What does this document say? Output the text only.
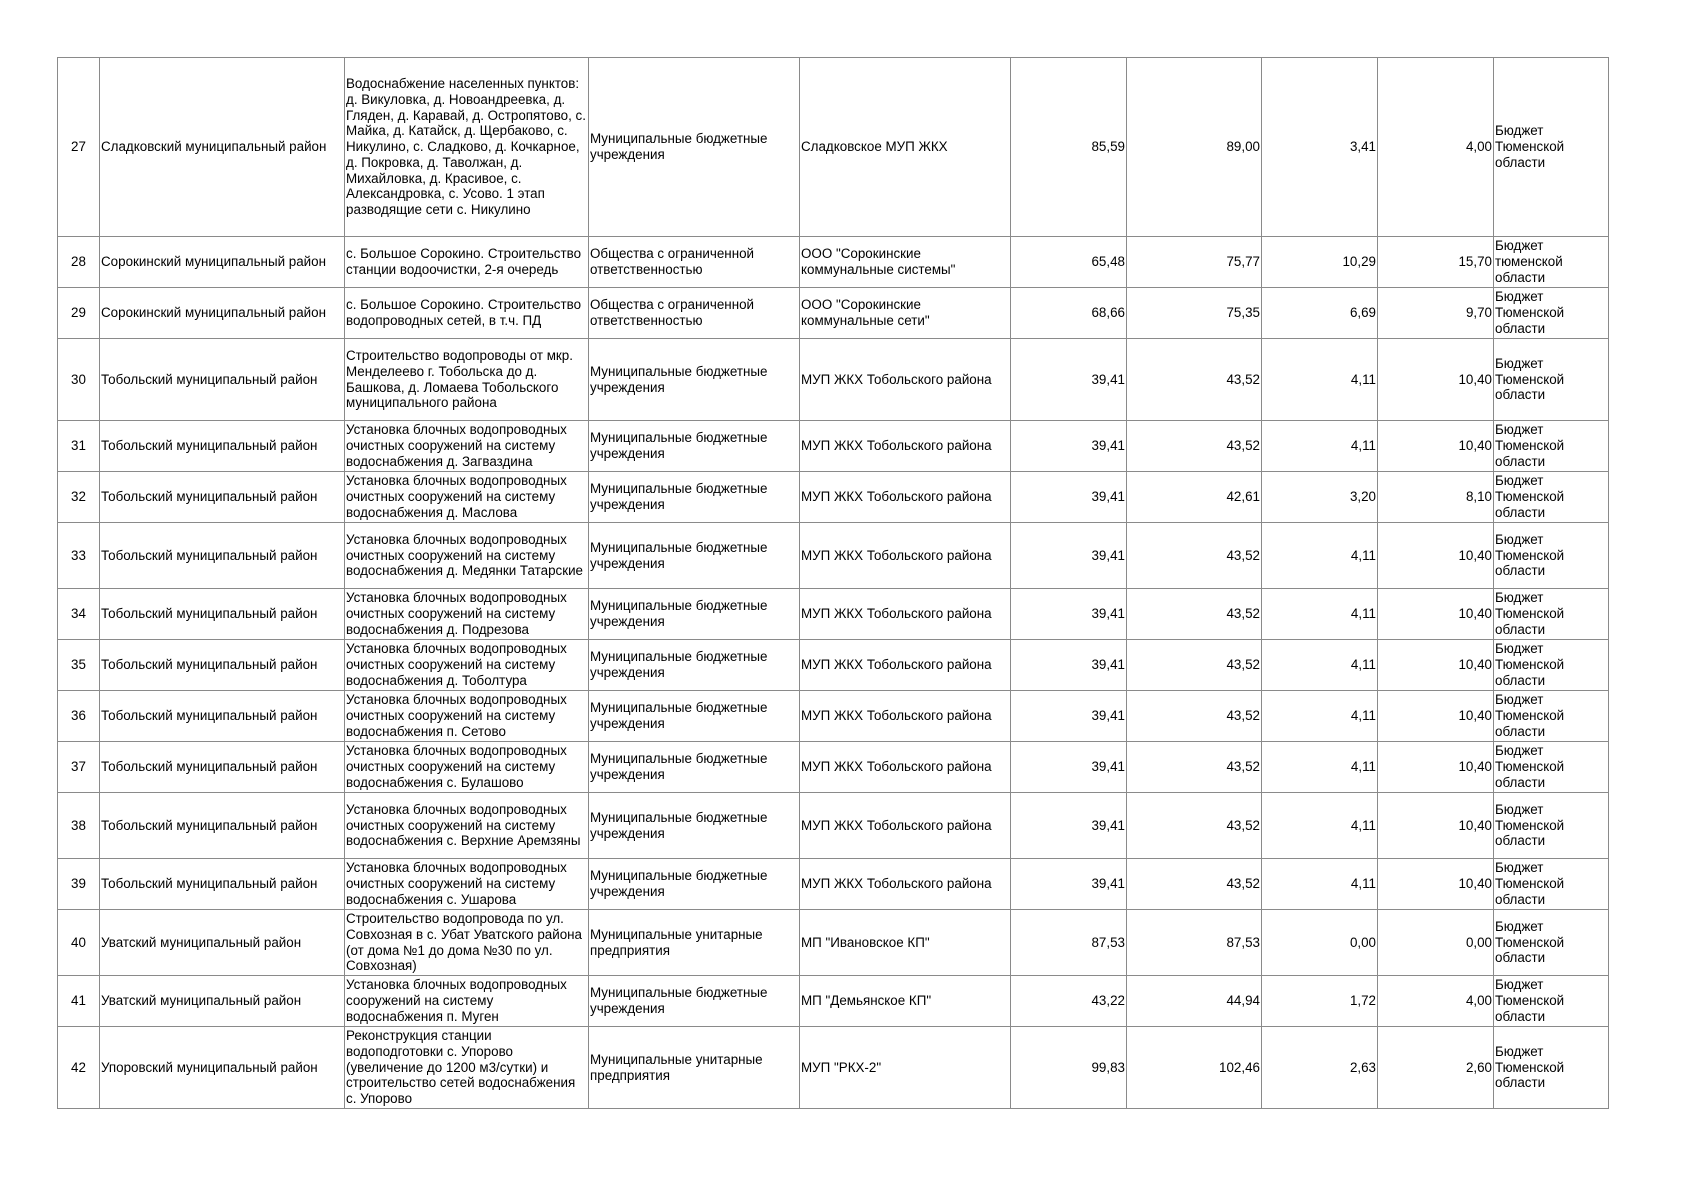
27	Сладковский муниципальный район	Водоснабжение населенных пунктов: д. Викуловка, д. Новоандреевка, д. Гляден, д. Каравай, д. Остропятово, с. Майка, д. Катайск, д. Щербаково, с. Никулино, с. Сладково, д. Кочкарное, д. Покровка, д. Таволжан, д. Михайловка, д. Красивое, с. Александровка, с. Усово. 1 этап разводящие сети с. Никулино	Муниципальные бюджетные учреждения	Сладковское МУП ЖКХ	85,59	89,00	3,41	4,00	Бюджет Тюменской области
28	Сорокинский муниципальный район	с. Большое Сорокино. Строительство станции водоочистки, 2-я очередь	Общества с ограниченной ответственностью	ООО "Сорокинские коммунальные системы"	65,48	75,77	10,29	15,70	Бюджет тюменской области
29	Сорокинский муниципальный район	с. Большое Сорокино. Строительство водопроводных сетей, в т.ч. ПД	Общества с ограниченной ответственностью	ООО "Сорокинские коммунальные сети"	68,66	75,35	6,69	9,70	Бюджет Тюменской области
30	Тобольский муниципальный район	Строительство водопроводы от мкр. Менделеево г. Тобольска до д. Башкова, д. Ломаева Тобольского муниципального района	Муниципальные бюджетные учреждения	МУП ЖКХ Тобольского района	39,41	43,52	4,11	10,40	Бюджет Тюменской области
31	Тобольский муниципальный район	Установка блочных водопроводных очистных сооружений на систему водоснабжения д. Загваздина	Муниципальные бюджетные учреждения	МУП ЖКХ Тобольского района	39,41	43,52	4,11	10,40	Бюджет Тюменской области
32	Тобольский муниципальный район	Установка блочных водопроводных очистных сооружений на систему водоснабжения д. Маслова	Муниципальные бюджетные учреждения	МУП ЖКХ Тобольского района	39,41	42,61	3,20	8,10	Бюджет Тюменской области
33	Тобольский муниципальный район	Установка блочных водопроводных очистных сооружений на систему водоснабжения д. Медянки Татарские	Муниципальные бюджетные учреждения	МУП ЖКХ Тобольского района	39,41	43,52	4,11	10,40	Бюджет Тюменской области
34	Тобольский муниципальный район	Установка блочных водопроводных очистных сооружений на систему водоснабжения д. Подрезова	Муниципальные бюджетные учреждения	МУП ЖКХ Тобольского района	39,41	43,52	4,11	10,40	Бюджет Тюменской области
35	Тобольский муниципальный район	Установка блочных водопроводных очистных сооружений на систему водоснабжения д. Тоболтура	Муниципальные бюджетные учреждения	МУП ЖКХ Тобольского района	39,41	43,52	4,11	10,40	Бюджет Тюменской области
36	Тобольский муниципальный район	Установка блочных водопроводных очистных сооружений на систему водоснабжения п. Сетово	Муниципальные бюджетные учреждения	МУП ЖКХ Тобольского района	39,41	43,52	4,11	10,40	Бюджет Тюменской области
37	Тобольский муниципальный район	Установка блочных водопроводных очистных сооружений на систему водоснабжения с. Булашово	Муниципальные бюджетные учреждения	МУП ЖКХ Тобольского района	39,41	43,52	4,11	10,40	Бюджет Тюменской области
38	Тобольский муниципальный район	Установка блочных водопроводных очистных сооружений на систему водоснабжения с. Верхние Аремзяны	Муниципальные бюджетные учреждения	МУП ЖКХ Тобольского района	39,41	43,52	4,11	10,40	Бюджет Тюменской области
39	Тобольский муниципальный район	Установка блочных водопроводных очистных сооружений на систему водоснабжения с. Ушарова	Муниципальные бюджетные учреждения	МУП ЖКХ Тобольского района	39,41	43,52	4,11	10,40	Бюджет Тюменской области
40	Уватский муниципальный район	Строительство водопровода по ул. Совхозная в с. Убат Уватского района (от дома №1 до дома №30 по ул. Совхозная)	Муниципальные унитарные предприятия	МП "Ивановское КП"	87,53	87,53	0,00	0,00	Бюджет Тюменской области
41	Уватский муниципальный район	Установка блочных водопроводных сооружений на систему водоснабжения п. Муген	Муниципальные бюджетные учреждения	МП "Демьянское КП"	43,22	44,94	1,72	4,00	Бюджет Тюменской области
42	Упоровский муниципальный район	Реконструкция станции водоподготовки с. Упорово (увеличение до 1200 м3/сутки) и строительство сетей водоснабжения с. Упорово	Муниципальные унитарные предприятия	МУП "РКХ-2"	99,83	102,46	2,63	2,60	Бюджет Тюменской области
